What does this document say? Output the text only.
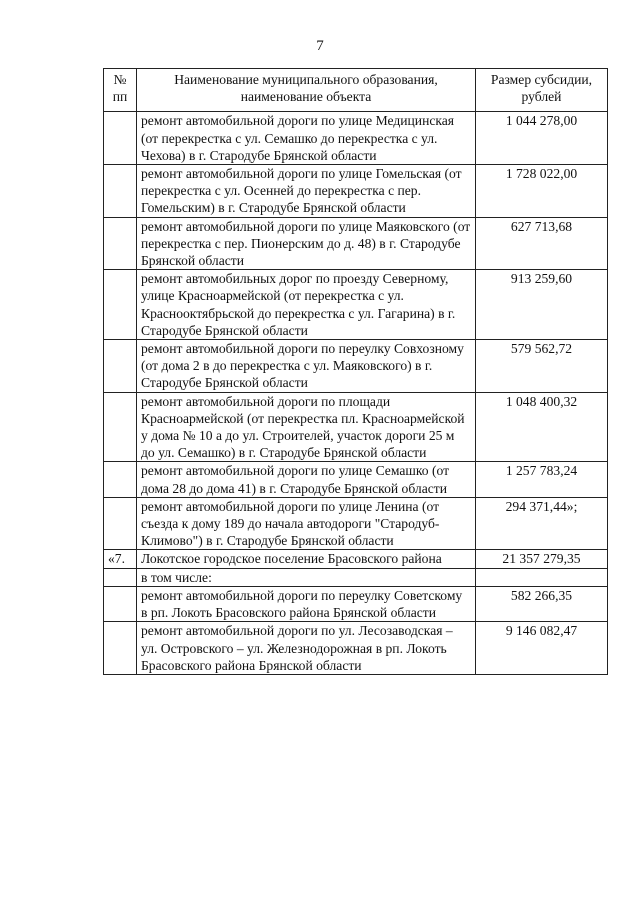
7
№ пп	Наименование муниципального образования, наименование объекта	Размер субсидии, рублей
	ремонт автомобильной дороги по улице Медицинская (от перекрестка с ул. Семашко до перекрестка с ул. Чехова) в г. Стародубе Брянской области	1 044 278,00
	ремонт автомобильной дороги по улице Гомельская (от перекрестка с ул. Осенней до перекрестка с пер. Гомельским) в г. Стародубе Брянской области	1 728 022,00
	ремонт автомобильной дороги по улице Маяковского (от перекрестка с пер. Пионерским до д. 48) в г. Стародубе Брянской области	627 713,68
	ремонт автомобильных дорог по проезду Северному, улице Красноармейской (от перекрестка с ул. Краснооктябрьской до перекрестка с ул. Гагарина) в г. Стародубе Брянской области	913 259,60
	ремонт автомобильной дороги по переулку Совхозному (от дома 2 в до перекрестка с ул. Маяковского) в г. Стародубе Брянской области	579 562,72
	ремонт автомобильной дороги по площади Красноармейской (от перекрестка пл. Красноармейской у дома № 10 а до ул. Строителей, участок дороги 25 м до ул. Семашко) в г. Стародубе Брянской области	1 048 400,32
	ремонт автомобильной дороги по улице Семашко (от дома 28 до дома 41) в г. Стародубе Брянской области	1 257 783,24
	ремонт автомобильной дороги по улице Ленина (от съезда к дому 189 до начала автодороги "Стародуб-Климово") в г. Стародубе Брянской области	294 371,44»;
«7.	Локотское городское поселение Брасовского района	21 357 279,35
	в том числе:	
	ремонт автомобильной дороги по переулку Советскому в рп. Локоть Брасовского района Брянской области	582 266,35
	ремонт автомобильной дороги по ул. Лесозаводская – ул. Островского – ул. Железнодорожная в рп. Локоть Брасовского района Брянской области	9 146 082,47
